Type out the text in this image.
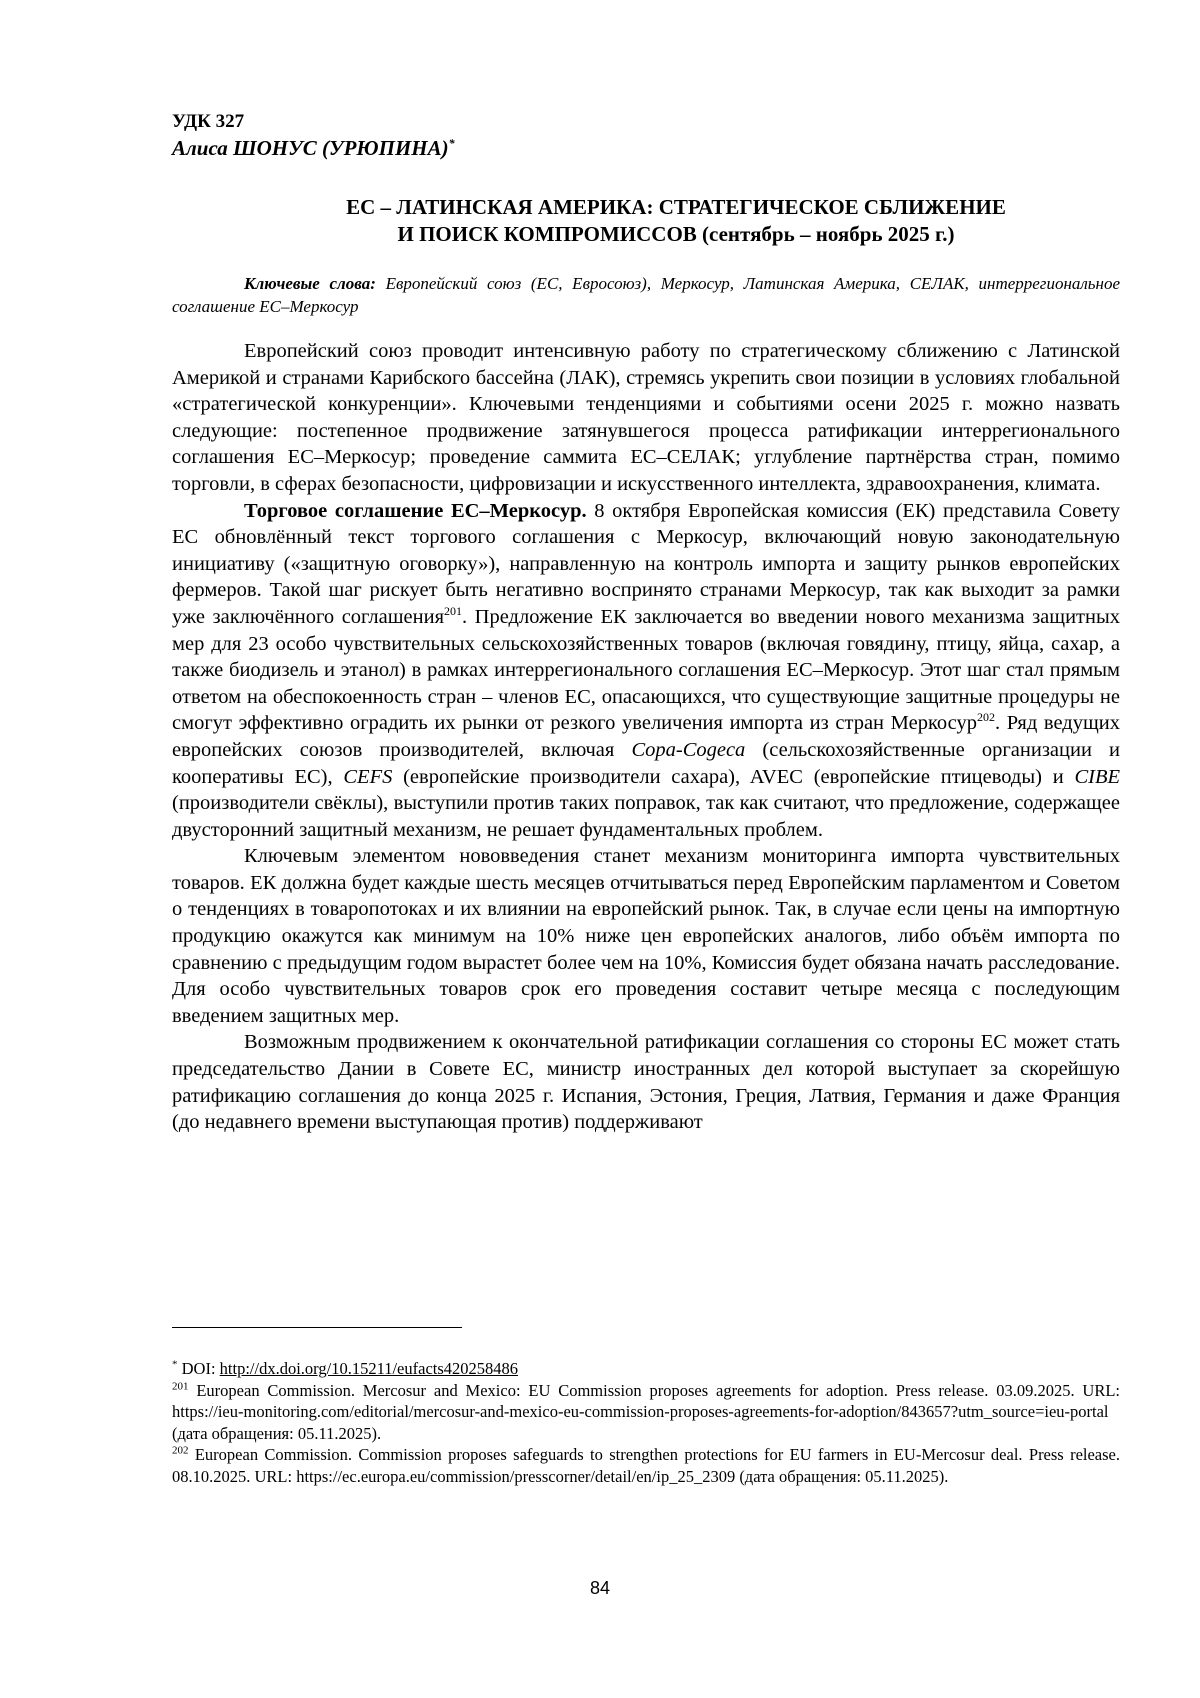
УДК 327

Алиса ШОНУС (УРЮПИНА)*

ЕС – ЛАТИНСКАЯ АМЕРИКА: СТРАТЕГИЧЕСКОЕ СБЛИЖЕНИЕ
И ПОИСК КОМПРОМИССОВ (сентябрь – ноябрь 2025 г.)

Ключевые слова: Европейский союз (ЕС, Евросоюз), Меркосур, Латинская Америка, СЕЛАК, интеррегиональное соглашение ЕС–Меркосур

Европейский союз проводит интенсивную работу по стратегическому сближению с Латинской Америкой и странами Карибского бассейна (ЛАК), стремясь укрепить свои позиции в условиях глобальной «стратегической конкуренции». Ключевыми тенденциями и событиями осени 2025 г. можно назвать следующие: постепенное продвижение затянувшегося процесса ратификации интеррегионального соглашения ЕС–Меркосур; проведение саммита ЕС–СЕЛАК; углубление партнёрства стран, помимо торговли, в сферах безопасности, цифровизации и искусственного интеллекта, здравоохранения, климата.

Торговое соглашение ЕС–Меркосур. 8 октября Европейская комиссия (ЕК) представила Совету ЕС обновлённый текст торгового соглашения с Меркосур, включающий новую законодательную инициативу («защитную оговорку»), направленную на контроль импорта и защиту рынков европейских фермеров. Такой шаг рискует быть негативно воспринято странами Меркосур, так как выходит за рамки уже заключённого соглашения$^{201}$. Предложение ЕК заключается во введении нового механизма защитных мер для 23 особо чувствительных сельскохозяйственных товаров (включая говядину, птицу, яйца, сахар, а также биодизель и этанол) в рамках интеррегионального соглашения ЕС–Меркосур. Этот шаг стал прямым ответом на обеспокоенность стран – членов ЕС, опасающихся, что существующие защитные процедуры не смогут эффективно оградить их рынки от резкого увеличения импорта из стран Меркосур$^{202}$. Ряд ведущих европейских союзов производителей, включая Copa-Cogeca (сельскохозяйственные организации и кооперативы ЕС), CEFS (европейские производители сахара), AVEC (европейские птицеводы) и CIBE (производители свёклы), выступили против таких поправок, так как считают, что предложение, содержащее двусторонний защитный механизм, не решает фундаментальных проблем.

Ключевым элементом нововведения станет механизм мониторинга импорта чувствительных товаров. ЕК должна будет каждые шесть месяцев отчитываться перед Европейским парламентом и Советом о тенденциях в товаропотоках и их влиянии на европейский рынок. Так, в случае если цены на импортную продукцию окажутся как минимум на 10% ниже цен европейских аналогов, либо объём импорта по сравнению с предыдущим годом вырастет более чем на 10%, Комиссия будет обязана начать расследование. Для особо чувствительных товаров срок его проведения составит четыре месяца с последующим введением защитных мер.

Возможным продвижением к окончательной ратификации соглашения со стороны ЕС может стать председательство Дании в Совете ЕС, министр иностранных дел которой выступает за скорейшую ратификацию соглашения до конца 2025 г. Испания, Эстония, Греция, Латвия, Германия и даже Франция (до недавнего времени выступающая против) поддерживают

* DOI: http://dx.doi.org/10.15211/eufacts420258486

$^{201}$ European Commission. Mercosur and Mexico: EU Commission proposes agreements for adoption. Press release. 03.09.2025. URL: https://ieu-monitoring.com/editorial/mercosur-and-mexico-eu-commission-proposes-agreements-for-adoption/843657?utm_source=ieu-portal (дата обращения: 05.11.2025).

$^{202}$ European Commission. Commission proposes safeguards to strengthen protections for EU farmers in EU-Mercosur deal. Press release. 08.10.2025. URL: https://ec.europa.eu/commission/presscorner/detail/en/ip_25_2309 (дата обращения: 05.11.2025).

84
